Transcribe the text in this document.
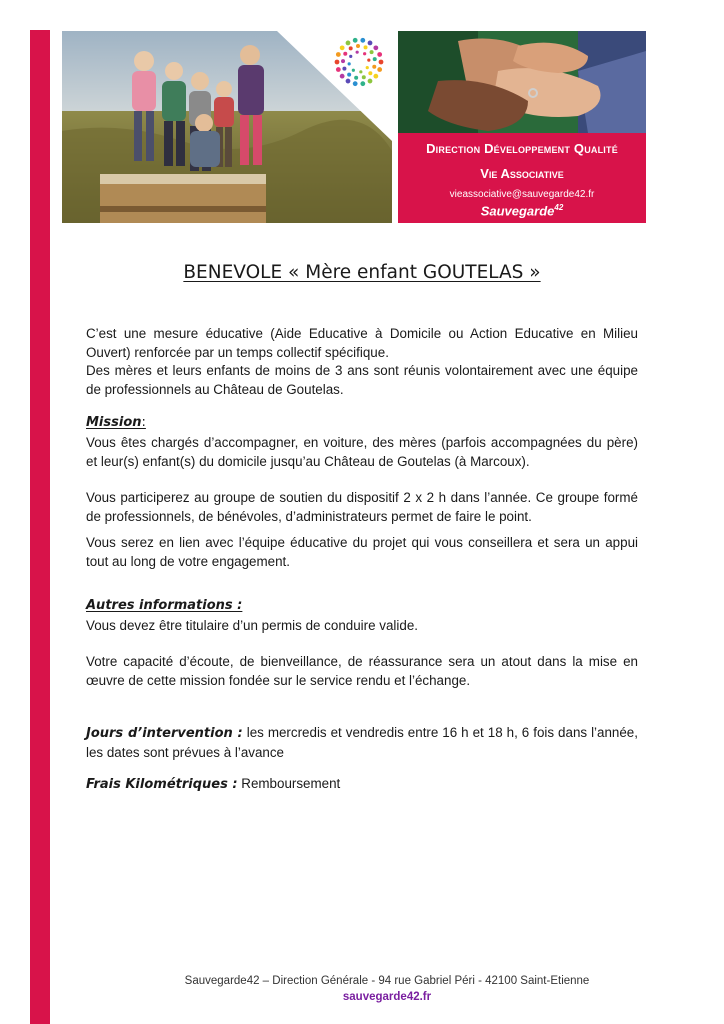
Direction Développement Qualité
Vie Associative
vieassociative@sauvegarde42.fr
Sauvegarde$^{42}$
BENEVOLE « Mère enfant GOUTELAS »

C’est une mesure éducative (Aide Educative à Domicile ou Action Educative en Milieu Ouvert) renforcée par un temps collectif spécifique.

Des mères et leurs enfants de moins de 3 ans sont réunis volontairement avec une équipe de professionnels au Château de Goutelas.

Mission:
Vous êtes chargés d’accompagner, en voiture, des mères (parfois accompagnées du père) et leur(s) enfant(s) du domicile jusqu’au Château de Goutelas (à Marcoux).
Vous participerez au groupe de soutien du dispositif 2 x 2 h dans l’année. Ce groupe formé de professionnels, de bénévoles, d’administrateurs permet de faire le point.
Vous serez en lien avec l’équipe éducative du projet qui vous conseillera et sera un appui tout au long de votre engagement.
Autres informations :
Vous devez être titulaire d’un permis de conduire valide.
Votre capacité d’écoute, de bienveillance, de réassurance sera un atout dans la mise en œuvre de cette mission fondée sur le service rendu et l’échange.
Jours d’intervention : les mercredis et vendredis entre 16 h et 18 h, 6 fois dans l’année, les dates sont prévues à l’avance
Frais Kilométriques : Remboursement
Sauvegarde42 – Direction Générale - 94 rue Gabriel Péri - 42100 Saint-Etienne
sauvegarde42.fr
